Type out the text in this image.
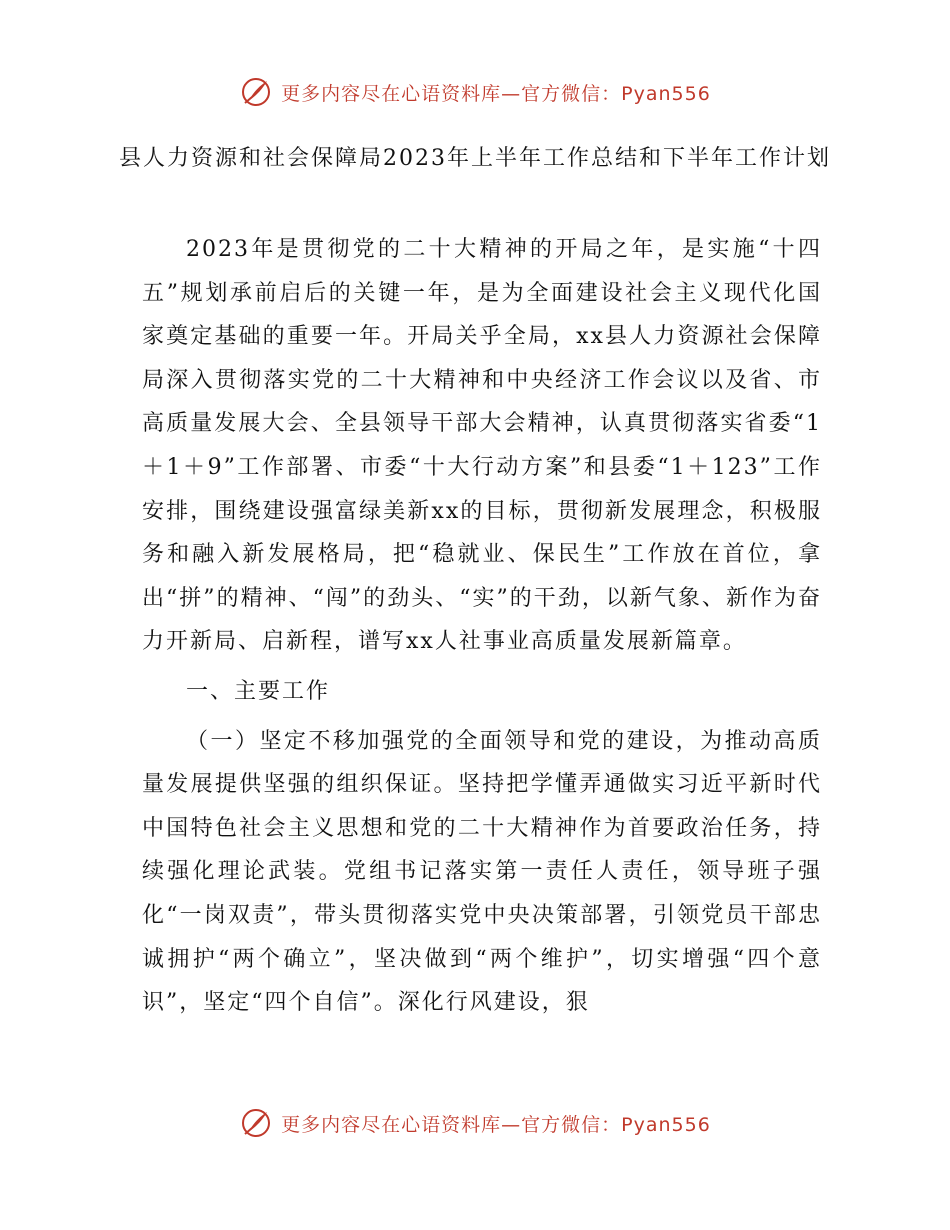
更多内容尽在心语资料库—官方微信：Pyan556
县人力资源和社会保障局2023年上半年工作总结和下半年工作计划

2023年是贯彻党的二十大精神的开局之年，是实施“十四五”规划承前启后的关键一年，是为全面建设社会主义现代化国家奠定基础的重要一年。开局关乎全局，xx县人力资源社会保障局深入贯彻落实党的二十大精神和中央经济工作会议以及省、市高质量发展大会、全县领导干部大会精神，认真贯彻落实省委“1＋1＋9”工作部署、市委“十大行动方案”和县委“1＋123”工作安排，围绕建设强富绿美新xx的目标，贯彻新发展理念，积极服务和融入新发展格局，把“稳就业、保民生”工作放在首位，拿出“拼”的精神、“闯”的劲头、“实”的干劲，以新气象、新作为奋力开新局、启新程，谱写xx人社事业高质量发展新篇章。

一、主要工作

（一）坚定不移加强党的全面领导和党的建设，为推动高质量发展提供坚强的组织保证。坚持把学懂弄通做实习近平新时代中国特色社会主义思想和党的二十大精神作为首要政治任务，持续强化理论武装。党组书记落实第一责任人责任，领导班子强化“一岗双责”，带头贯彻落实党中央决策部署，引领党员干部忠诚拥护“两个确立”，坚决做到“两个维护”，切实增强“四个意识”，坚定“四个自信”。深化行风建设，狠

更多内容尽在心语资料库—官方微信：Pyan556
